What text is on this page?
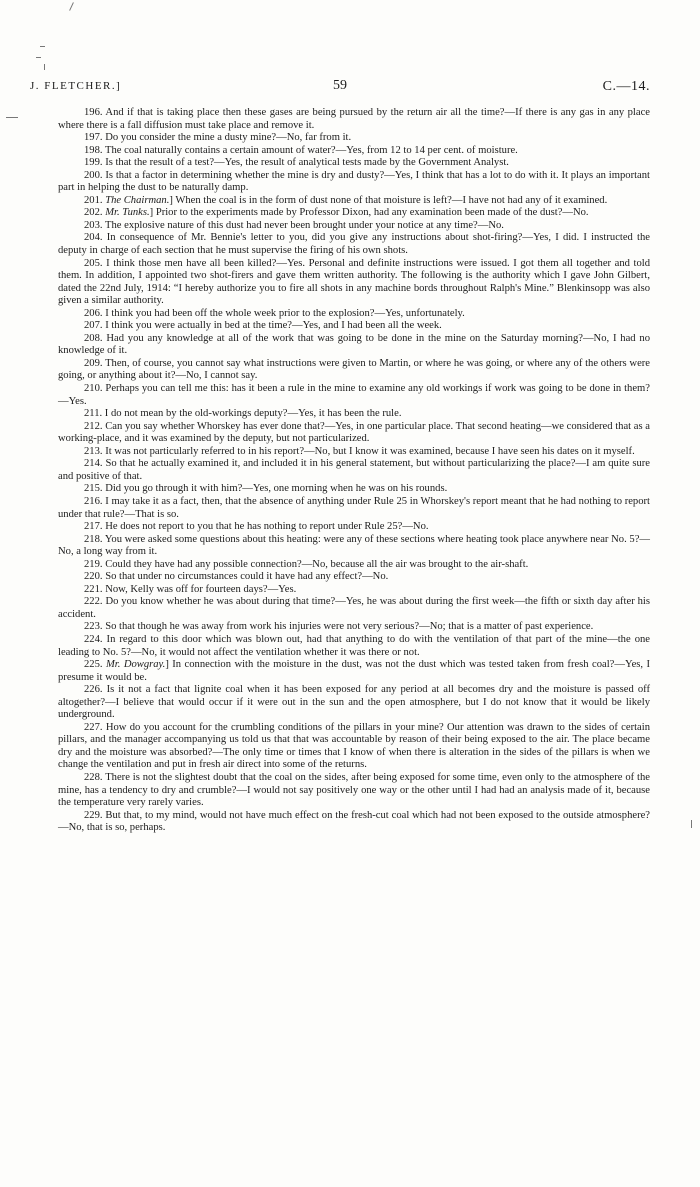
J. FLETCHER.]	59	C.—14.

196. And if that is taking place then these gases are being pursued by the return air all the time?—If there is any gas in any place where there is a fall diffusion must take place and remove it.

197. Do you consider the mine a dusty mine?—No, far from it.

198. The coal naturally contains a certain amount of water?—Yes, from 12 to 14 per cent. of moisture.

199. Is that the result of a test?—Yes, the result of analytical tests made by the Government Analyst.

200. Is that a factor in determining whether the mine is dry and dusty?—Yes, I think that has a lot to do with it. It plays an important part in helping the dust to be naturally damp.

201. The Chairman.] When the coal is in the form of dust none of that moisture is left?—I have not had any of it examined.

202. Mr. Tunks.] Prior to the experiments made by Professor Dixon, had any examination been made of the dust?—No.

203. The explosive nature of this dust had never been brought under your notice at any time?—No.

204. In consequence of Mr. Bennie's letter to you, did you give any instructions about shot-firing?—Yes, I did. I instructed the deputy in charge of each section that he must supervise the firing of his own shots.

205. I think those men have all been killed?—Yes. Personal and definite instructions were issued. I got them all together and told them. In addition, I appointed two shot-firers and gave them written authority. The following is the authority which I gave John Gilbert, dated the 22nd July, 1914: “I hereby authorize you to fire all shots in any machine bords throughout Ralph's Mine.” Blenkinsopp was also given a similar authority.

206. I think you had been off the whole week prior to the explosion?—Yes, unfortunately.

207. I think you were actually in bed at the time?—Yes, and I had been all the week.

208. Had you any knowledge at all of the work that was going to be done in the mine on the Saturday morning?—No, I had no knowledge of it.

209. Then, of course, you cannot say what instructions were given to Martin, or where he was going, or where any of the others were going, or anything about it?—No, I cannot say.

210. Perhaps you can tell me this: has it been a rule in the mine to examine any old workings if work was going to be done in them?—Yes.

211. I do not mean by the old-workings deputy?—Yes, it has been the rule.

212. Can you say whether Whorskey has ever done that?—Yes, in one particular place. That second heating—we considered that as a working-place, and it was examined by the deputy, but not particularized.

213. It was not particularly referred to in his report?—No, but I know it was examined, because I have seen his dates on it myself.

214. So that he actually examined it, and included it in his general statement, but without particularizing the place?—I am quite sure and positive of that.

215. Did you go through it with him?—Yes, one morning when he was on his rounds.

216. I may take it as a fact, then, that the absence of anything under Rule 25 in Whorskey's report meant that he had nothing to report under that rule?—That is so.

217. He does not report to you that he has nothing to report under Rule 25?—No.

218. You were asked some questions about this heating: were any of these sections where heating took place anywhere near No. 5?—No, a long way from it.

219. Could they have had any possible connection?—No, because all the air was brought to the air-shaft.

220. So that under no circumstances could it have had any effect?—No.

221. Now, Kelly was off for fourteen days?—Yes.

222. Do you know whether he was about during that time?—Yes, he was about during the first week—the fifth or sixth day after his accident.

223. So that though he was away from work his injuries were not very serious?—No; that is a matter of past experience.

224. In regard to this door which was blown out, had that anything to do with the ventilation of that part of the mine—the one leading to No. 5?—No, it would not affect the ventilation whether it was there or not.

225. Mr. Dowgray.] In connection with the moisture in the dust, was not the dust which was tested taken from fresh coal?—Yes, I presume it would be.

226. Is it not a fact that lignite coal when it has been exposed for any period at all becomes dry and the moisture is passed off altogether?—I believe that would occur if it were out in the sun and the open atmosphere, but I do not know that it would be likely underground.

227. How do you account for the crumbling conditions of the pillars in your mine? Our attention was drawn to the sides of certain pillars, and the manager accompanying us told us that that was accountable by reason of their being exposed to the air. The place became dry and the moisture was absorbed?—The only time or times that I know of when there is alteration in the sides of the pillars is when we change the ventilation and put in fresh air direct into some of the returns.

228. There is not the slightest doubt that the coal on the sides, after being exposed for some time, even only to the atmosphere of the mine, has a tendency to dry and crumble?—I would not say positively one way or the other until I had had an analysis made of it, because the temperature very rarely varies.

229. But that, to my mind, would not have much effect on the fresh-cut coal which had not been exposed to the outside atmosphere?—No, that is so, perhaps.
